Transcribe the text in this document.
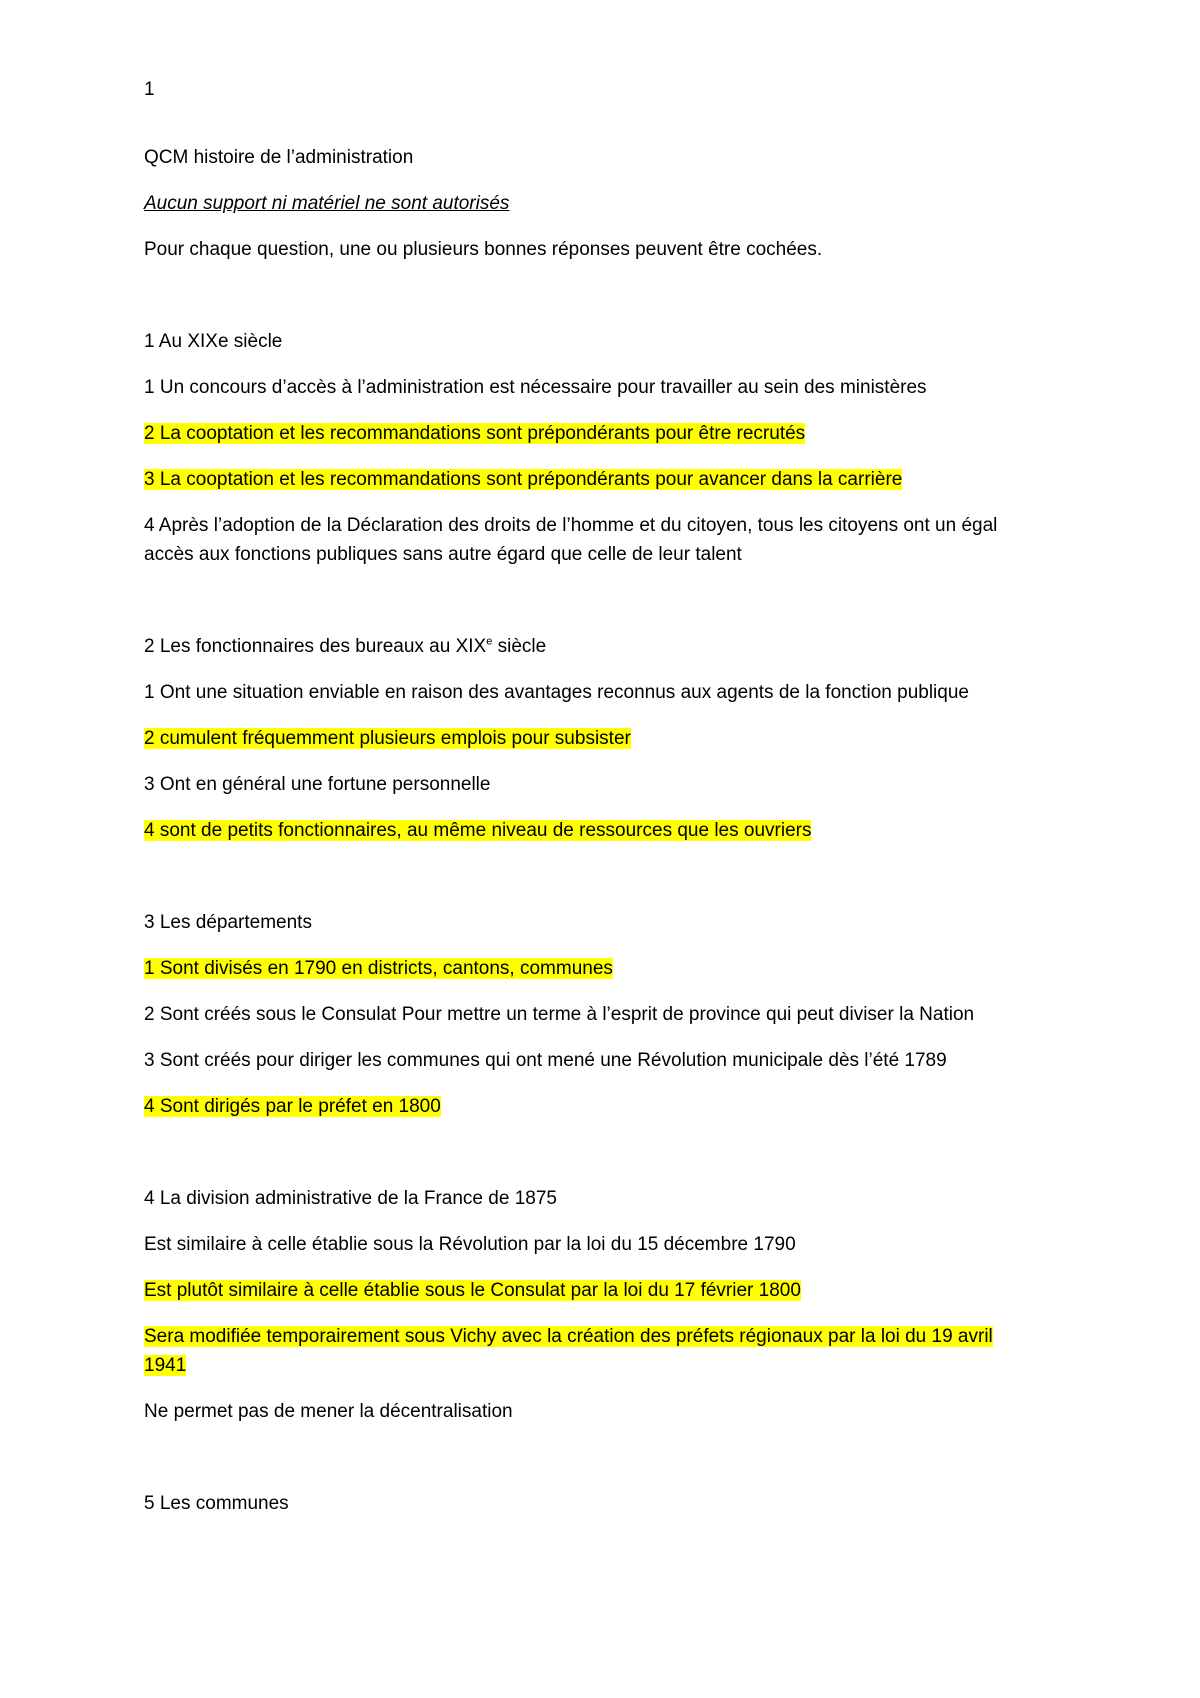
1
QCM histoire de l’administration
Aucun support ni matériel ne sont autorisés
Pour chaque question, une ou plusieurs bonnes réponses peuvent être cochées.
1 Au XIXe siècle
1 Un concours d’accès à l’administration est nécessaire pour travailler au sein des ministères
2 La cooptation et les recommandations sont prépondérants pour être recrutés
3 La cooptation et les recommandations sont prépondérants pour avancer dans la carrière
4 Après l’adoption de la Déclaration des droits de l’homme et du citoyen, tous les citoyens ont un égal
accès aux fonctions publiques sans autre égard que celle de leur talent
2 Les fonctionnaires des bureaux au XIXe siècle
1 Ont une situation enviable en raison des avantages reconnus aux agents de la fonction publique
2 cumulent fréquemment plusieurs emplois pour subsister
3 Ont en général une fortune personnelle
4 sont de petits fonctionnaires, au même niveau de ressources que les ouvriers
3 Les départements
1 Sont divisés en 1790 en districts, cantons, communes
2 Sont créés sous le Consulat Pour mettre un terme à l’esprit de province qui peut diviser la Nation
3 Sont créés pour diriger les communes qui ont mené une Révolution municipale dès l’été 1789
4 Sont dirigés par le préfet en 1800
4 La division administrative de la France de 1875
Est similaire à celle établie sous la Révolution par la loi du 15 décembre 1790
Est plutôt similaire à celle établie sous le Consulat par la loi du 17 février 1800
Sera modifiée temporairement sous Vichy avec la création des préfets régionaux par la loi du 19 avril
1941
Ne permet pas de mener la décentralisation
5 Les communes
